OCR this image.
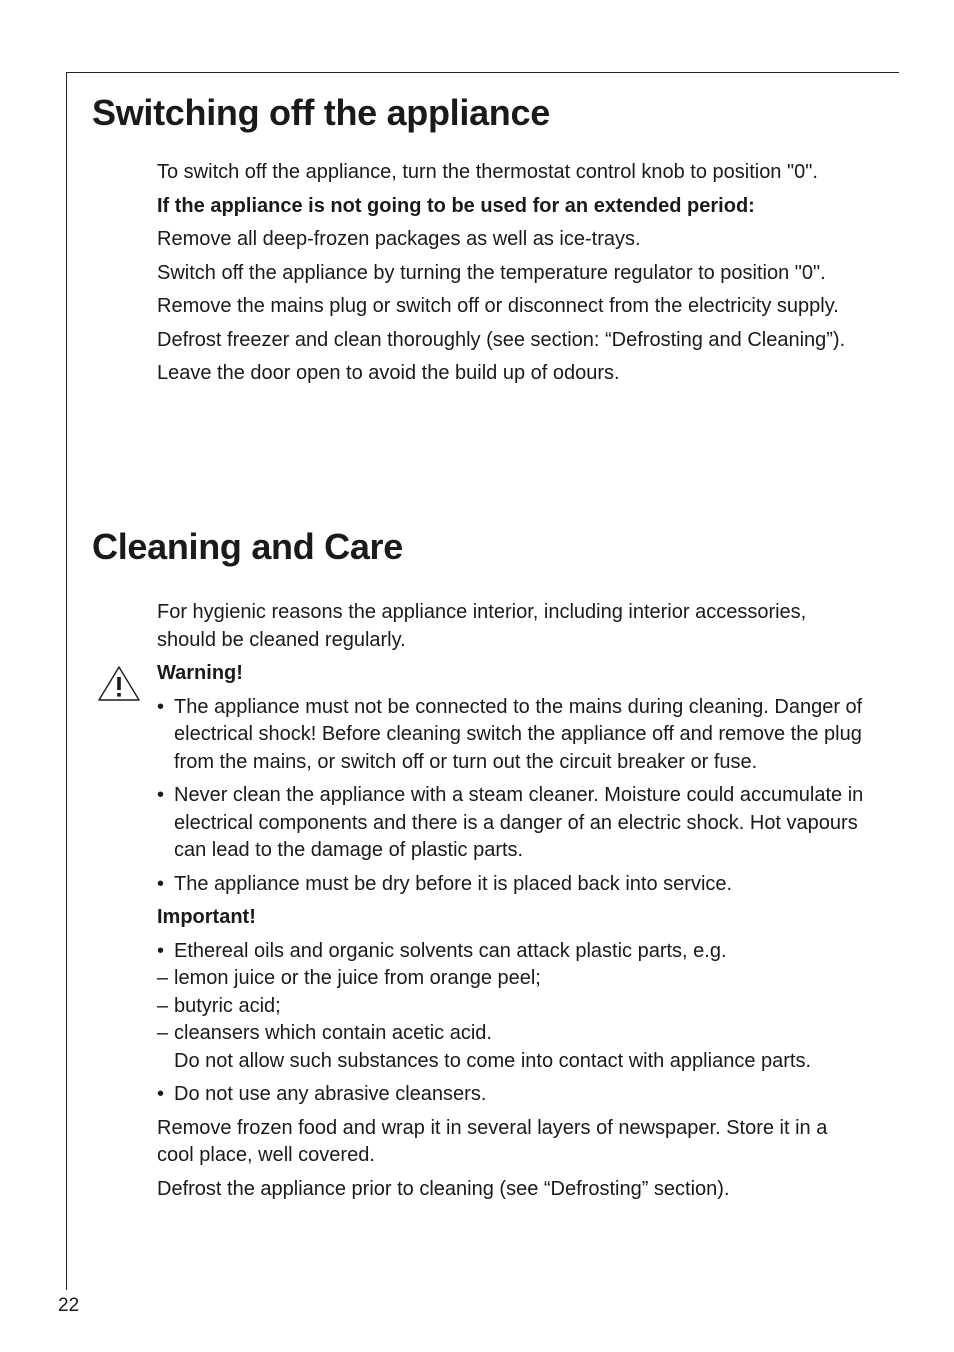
Switching off the appliance

To switch off the appliance, turn the thermostat control knob to position "0".

If the appliance is not going to be used for an extended period:

Remove all deep-frozen packages as well as ice-trays.

Switch off the appliance by turning the temperature regulator to position "0".

Remove the mains plug or switch off or disconnect from the electricity supply.

Defrost freezer and clean thoroughly (see section: “Defrosting and Cleaning”).

Leave the door open to avoid the build up of odours.

Cleaning and Care

For hygienic reasons the appliance interior, including interior accessories, should be cleaned regularly.

Warning!
• The appliance must not be connected to the mains during cleaning. Danger of electrical shock! Before cleaning switch the appliance off and remove the plug from the mains, or switch off or turn out the circuit breaker or fuse.
• Never clean the appliance with a steam cleaner. Moisture could accumulate in electrical components and there is a danger of an electric shock. Hot vapours can lead to the damage of plastic parts.
• The appliance must be dry before it is placed back into service.
Important!
• Ethereal oils and organic solvents can attack plastic parts, e.g.
– lemon juice or the juice from orange peel;
– butyric acid;
– cleansers which contain acetic acid.
Do not allow such substances to come into contact with appliance parts.
• Do not use any abrasive cleansers.

Remove frozen food and wrap it in several layers of newspaper. Store it in a cool place, well covered.

Defrost the appliance prior to cleaning (see “Defrosting” section).

22
